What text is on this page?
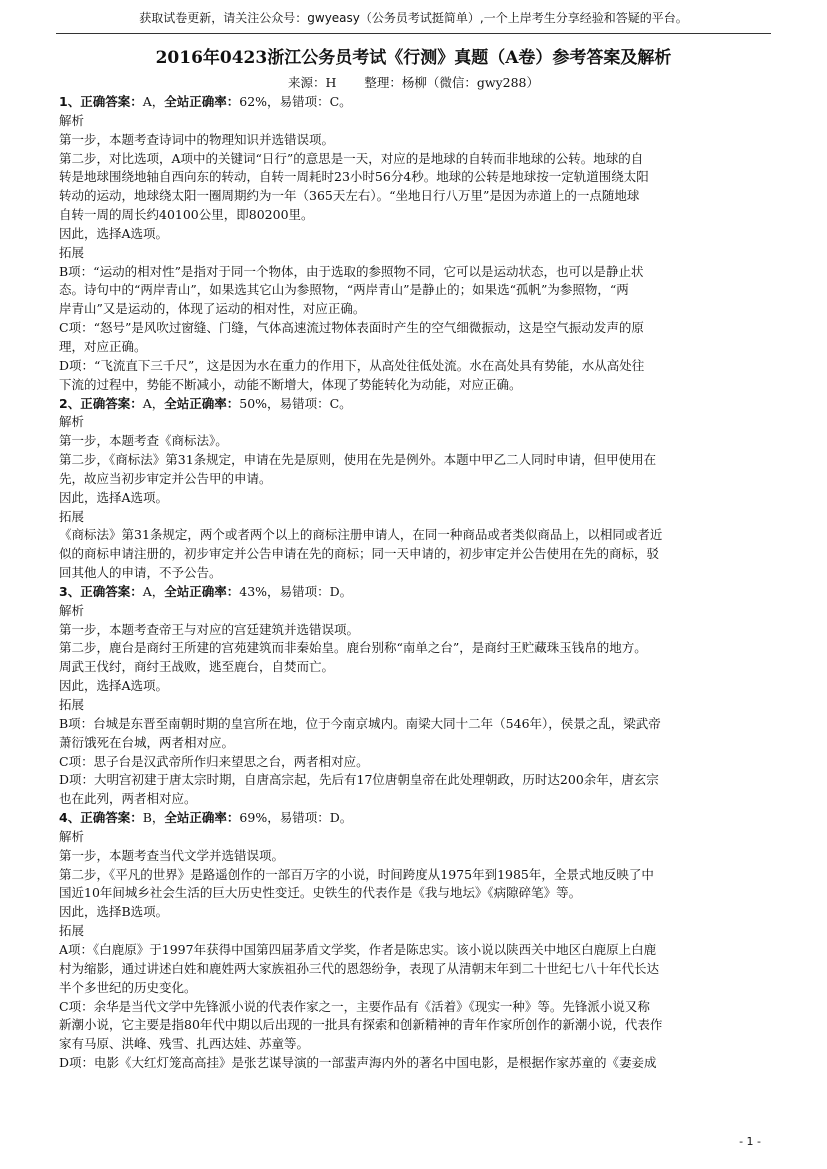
获取试卷更新，请关注公众号：gwyeasy（公务员考试挺简单）,一个上岸考生分享经验和答疑的平台。
2016年0423浙江公务员考试《行测》真题（A卷）参考答案及解析
来源：H 整理：杨柳（微信：gwy288）
1、正确答案：A，全站正确率：62%，易错项：C。
解析
第一步，本题考查诗词中的物理知识并选错误项。
第二步，对比选项，A项中的关键词“日行”的意思是一天，对应的是地球的自转而非地球的公转。地球的自
转是地球围绕地轴自西向东的转动，自转一周耗时23小时56分4秒。地球的公转是地球按一定轨道围绕太阳
转动的运动，地球绕太阳一圈周期约为一年（365天左右）。“坐地日行八万里”是因为赤道上的一点随地球
自转一周的周长约40100公里，即80200里。
因此，选择A选项。
拓展
B项：“运动的相对性”是指对于同一个物体，由于选取的参照物不同，它可以是运动状态，也可以是静止状
态。诗句中的“两岸青山”，如果选其它山为参照物，“两岸青山”是静止的；如果选“孤帆”为参照物，“两
岸青山”又是运动的，体现了运动的相对性，对应正确。
C项：“怒号”是风吹过窗缝、门缝，气体高速流过物体表面时产生的空气细微振动，这是空气振动发声的原
理，对应正确。
D项：“飞流直下三千尺”，这是因为水在重力的作用下，从高处往低处流。水在高处具有势能，水从高处往
下流的过程中，势能不断减小，动能不断增大，体现了势能转化为动能，对应正确。
2、正确答案：A，全站正确率：50%，易错项：C。
解析
第一步，本题考查《商标法》。
第二步，《商标法》第31条规定，申请在先是原则，使用在先是例外。本题中甲乙二人同时申请，但甲使用在
先，故应当初步审定并公告甲的申请。
因此，选择A选项。
拓展
《商标法》第31条规定，两个或者两个以上的商标注册申请人，在同一种商品或者类似商品上，以相同或者近
似的商标申请注册的，初步审定并公告申请在先的商标；同一天申请的，初步审定并公告使用在先的商标，驳
回其他人的申请，不予公告。
3、正确答案：A，全站正确率：43%，易错项：D。
解析
第一步，本题考查帝王与对应的宫廷建筑并选错误项。
第二步，鹿台是商纣王所建的宫苑建筑而非秦始皇。鹿台别称“南单之台”，是商纣王贮藏珠玉钱帛的地方。
周武王伐纣，商纣王战败，逃至鹿台，自焚而亡。
因此，选择A选项。
拓展
B项：台城是东晋至南朝时期的皇宫所在地，位于今南京城内。南梁大同十二年（546年），侯景之乱，梁武帝
萧衍饿死在台城，两者相对应。
C项：思子台是汉武帝所作归来望思之台，两者相对应。
D项：大明宫初建于唐太宗时期，自唐高宗起，先后有17位唐朝皇帝在此处理朝政，历时达200余年，唐玄宗
也在此列，两者相对应。
4、正确答案：B，全站正确率：69%，易错项：D。
解析
第一步，本题考查当代文学并选错误项。
第二步，《平凡的世界》是路遥创作的一部百万字的小说，时间跨度从1975年到1985年，全景式地反映了中
国近10年间城乡社会生活的巨大历史性变迁。史铁生的代表作是《我与地坛》《病隙碎笔》等。
因此，选择B选项。
拓展
A项：《白鹿原》于1997年获得中国第四届茅盾文学奖，作者是陈忠实。该小说以陕西关中地区白鹿原上白鹿
村为缩影，通过讲述白姓和鹿姓两大家族祖孙三代的恩怨纷争，表现了从清朝末年到二十世纪七八十年代长达
半个多世纪的历史变化。
C项：余华是当代文学中先锋派小说的代表作家之一，主要作品有《活着》《现实一种》等。先锋派小说又称
新潮小说，它主要是指80年代中期以后出现的一批具有探索和创新精神的青年作家所创作的新潮小说，代表作
家有马原、洪峰、残雪、扎西达娃、苏童等。
D项：电影《大红灯笼高高挂》是张艺谋导演的一部蜚声海内外的著名中国电影，是根据作家苏童的《妻妾成
- 1 -
